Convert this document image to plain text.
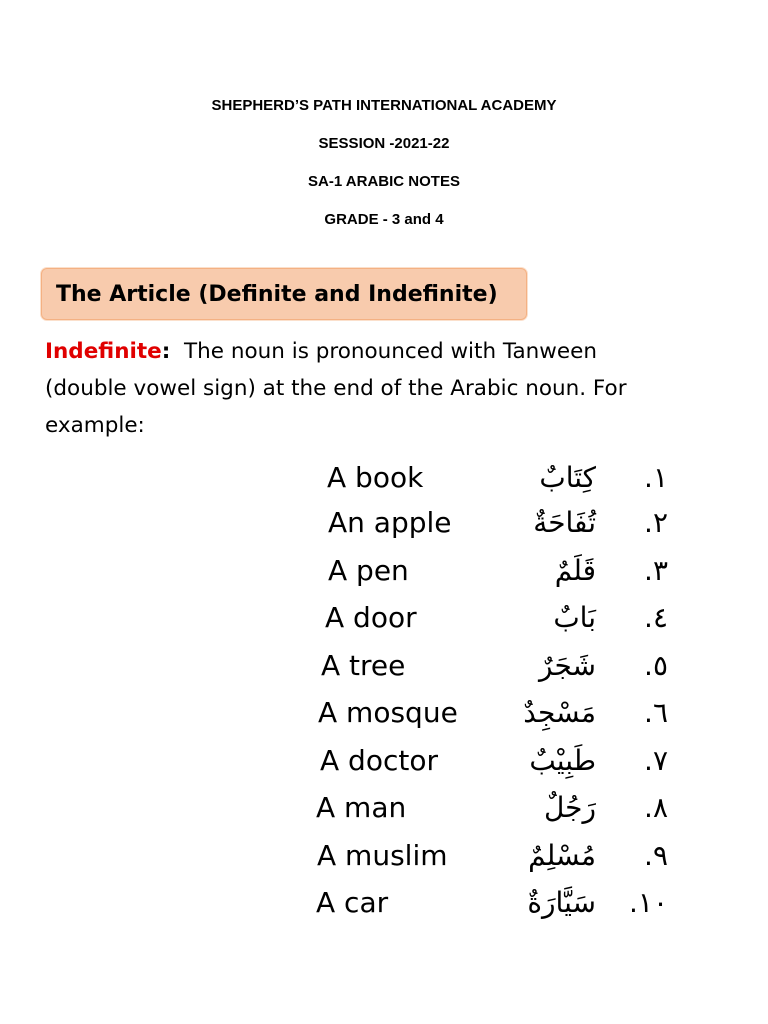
SHEPHERD’S PATH INTERNATIONAL ACADEMY
SESSION -2021-22
SA-1 ARABIC NOTES
GRADE - 3 and 4
The Article (Definite and Indefinite)
Indefinite: The noun is pronounced with Tanween
(double vowel sign) at the end of the Arabic noun. For
example:
A book	كِتَابٌ ١.
An apple	تُفَاحَةٌ ٢.
A pen	قَلَمٌ ٣.
A door	بَابٌ ٤.
A tree	شَجَرٌ ٥.
A mosque مَسْجِدٌ ٦.
A doctor	طَبِيْبٌ ٧.
A man	رَجُلٌ ٨.
A muslim	مُسْلِمٌ ٩.
A car	سَيَّارَةٌ ١٠.
